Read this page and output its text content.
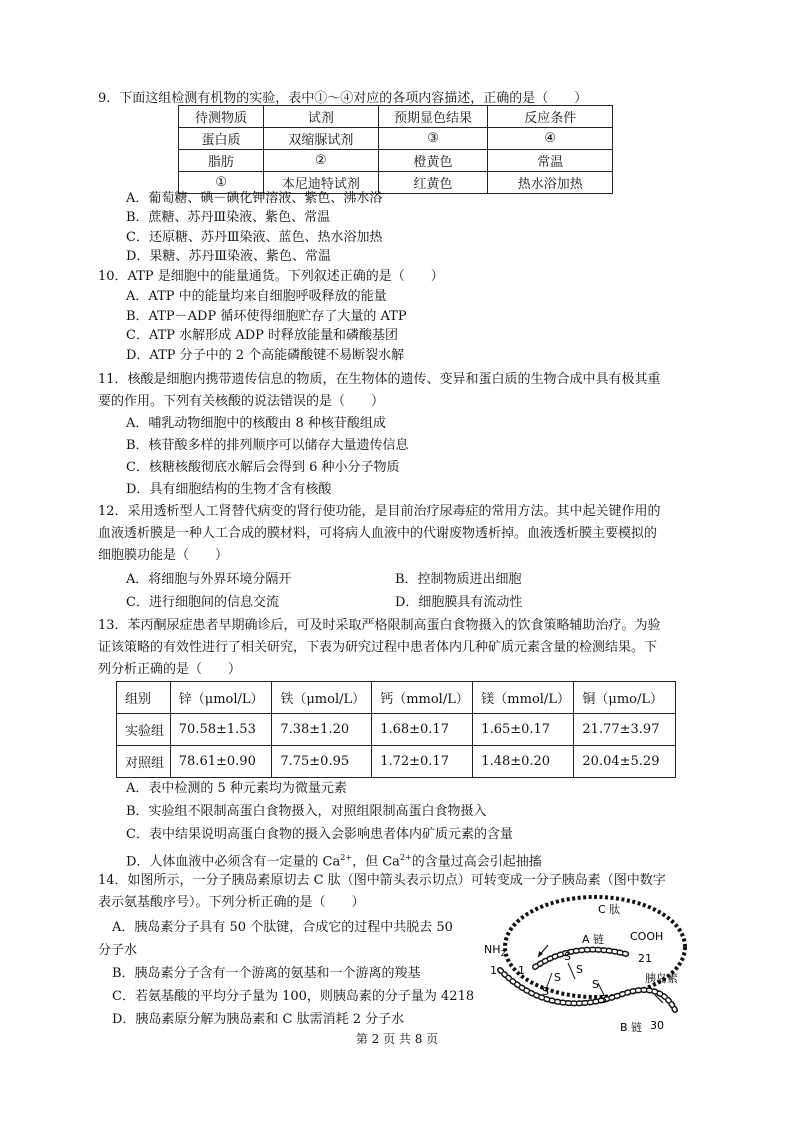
9．下面这组检测有机物的实验，表中①～④对应的各项内容描述，正确的是（　　）
待测物质	试剂	预期显色结果	反应条件
蛋白质	双缩脲试剂	③	④
脂肪	②	橙黄色	常温
①	本尼迪特试剂	红黄色	热水浴加热
A．葡萄糖、碘－碘化钾溶液、紫色、沸水浴
B．蔗糖、苏丹Ⅲ染液、紫色、常温
C．还原糖、苏丹Ⅲ染液、蓝色、热水浴加热
D．果糖、苏丹Ⅲ染液、紫色、常温
10．ATP 是细胞中的能量通货。下列叙述正确的是（　　）
A．ATP 中的能量均来自细胞呼吸释放的能量
B．ATP－ADP 循环使得细胞贮存了大量的 ATP
C．ATP 水解形成 ADP 时释放能量和磷酸基团
D．ATP 分子中的 2 个高能磷酸键不易断裂水解
11．核酸是细胞内携带遗传信息的物质，在生物体的遗传、变异和蛋白质的生物合成中具有极其重
要的作用。下列有关核酸的说法错误的是（　　）
A．哺乳动物细胞中的核酸由 8 种核苷酸组成
B．核苷酸多样的排列顺序可以储存大量遗传信息
C．核糖核酸彻底水解后会得到 6 种小分子物质
D．具有细胞结构的生物才含有核酸
12．采用透析型人工肾替代病变的肾行使功能，是目前治疗尿毒症的常用方法。其中起关键作用的
血液透析膜是一种人工合成的膜材料，可将病人血液中的代谢废物透析掉。血液透析膜主要模拟的
细胞膜功能是（　　）
A．将细胞与外界环境分隔开	B．控制物质进出细胞
C．进行细胞间的信息交流	D．细胞膜具有流动性
13．苯丙酮尿症患者早期确诊后，可及时采取严格限制高蛋白食物摄入的饮食策略辅助治疗。为验
证该策略的有效性进行了相关研究，下表为研究过程中患者体内几种矿质元素含量的检测结果。下
列分析正确的是（　　）
组别	锌（μmol/L）	铁（μmol/L）	钙（mmol/L）	镁（mmol/L）	铜（μmo/L）
实验组	70.58±1.53	7.38±1.20	1.68±0.17	1.65±0.17	21.77±3.97
对照组	78.61±0.90	7.75±0.95	1.72±0.17	1.48±0.20	20.04±5.29
A．表中检测的 5 种元素均为微量元素
B．实验组不限制高蛋白食物摄入，对照组限制高蛋白食物摄入
C．表中结果说明高蛋白食物的摄入会影响患者体内矿质元素的含量
D．人体血液中必须含有一定量的 $Ca^{2+}$，但 $Ca^{2+}$的含量过高会引起抽搐
14．如图所示，一分子胰岛素原切去 C 肽（图中箭头表示切点）可转变成一分子胰岛素（图中数字
表示氨基酸序号）。下列分析正确的是（　　）
A．胰岛素分子具有 50 个肽键，合成它的过程中共脱去 50
分子水
B．胰岛素分子含有一个游离的氨基和一个游离的羧基
C．若氨基酸的平均分子量为 100，则胰岛素的分子量为 4218
D．胰岛素原分解为胰岛素和 C 肽需消耗 2 分子水
C 肽
A 链 COOH
$NH_2$
1 1
21
胰岛素
B 链 30
S
S
S
S
S
S
第 2 页 共 8 页
